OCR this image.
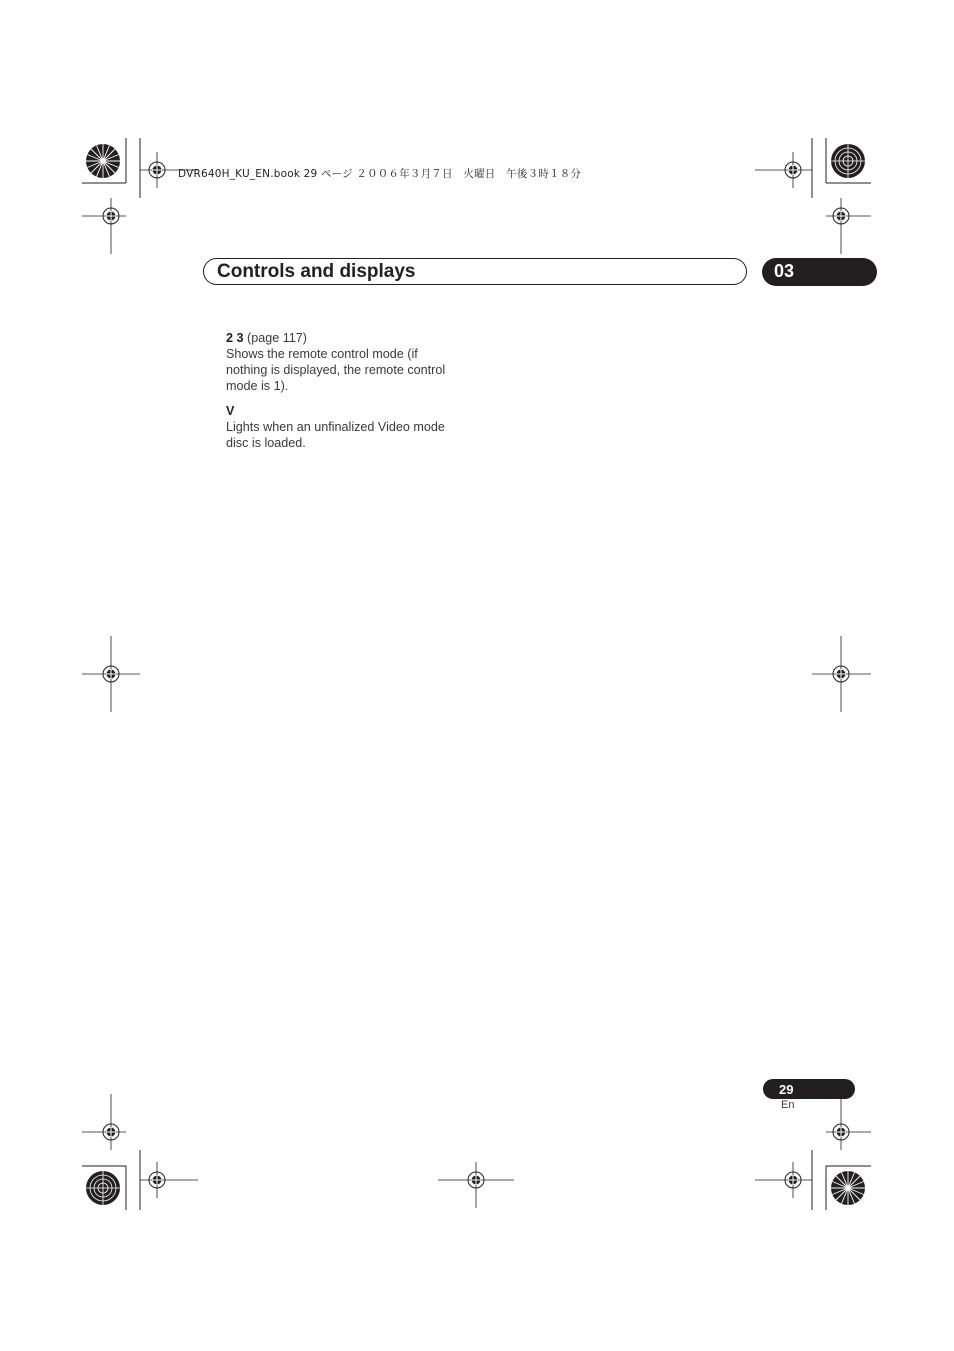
DVR640H_KU_EN.book 29 ページ ２００６年３月７日　火曜日　午後３時１８分
Controls and displays	03
2 3 (page 117)
Shows the remote control mode (if
nothing is displayed, the remote control
mode is 1).
V
Lights when an unfinalized Video mode
disc is loaded.
29
En
